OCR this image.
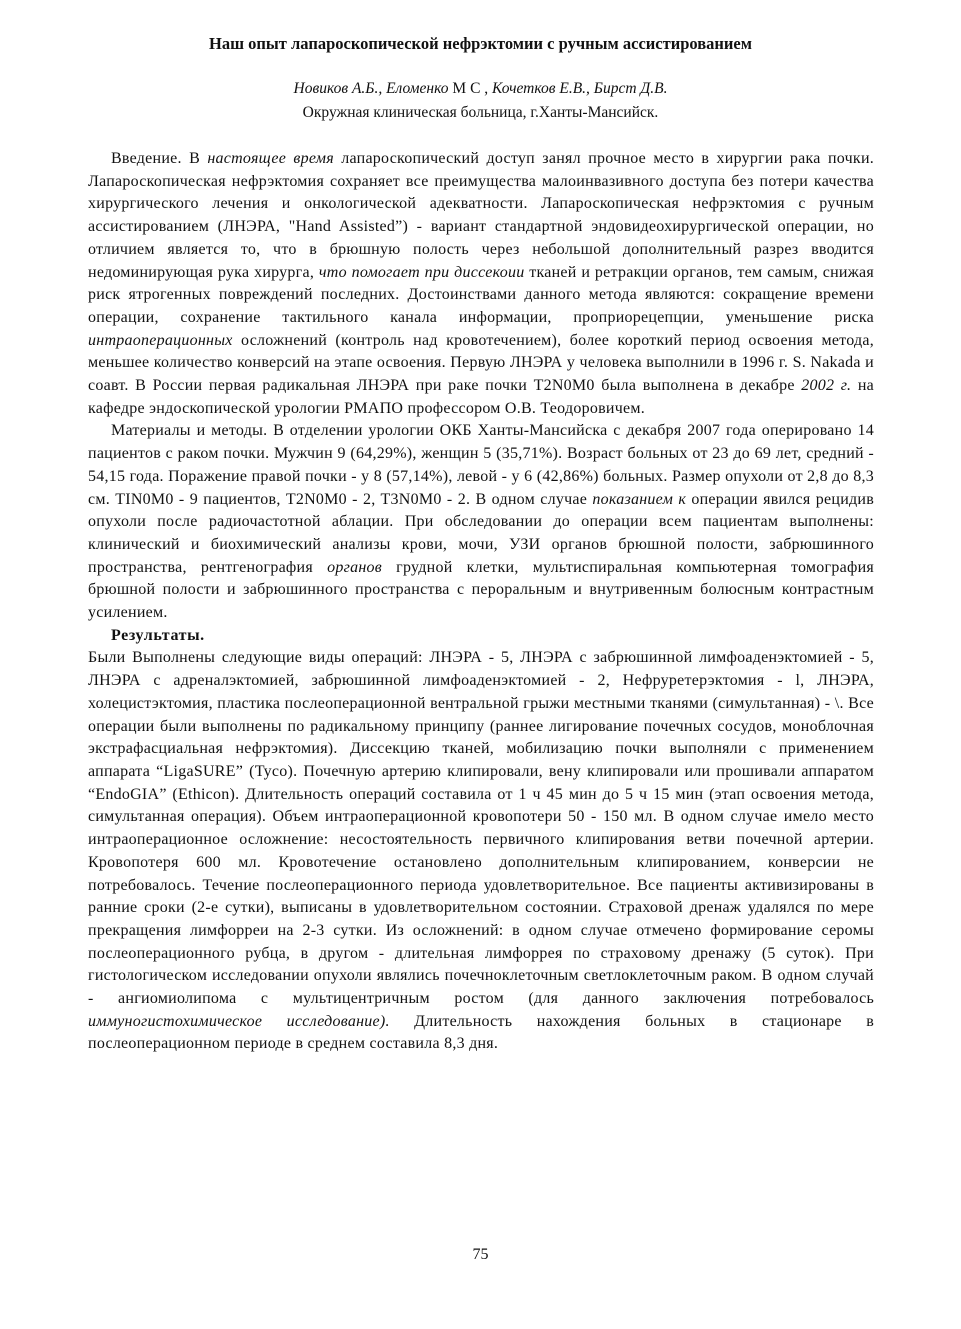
Наш опыт лапароскопической нефрэктомии с ручным ассистированием

Новиков А.Б., Еломенко М С , Кочетков Е.В., Бирст Д.В.

Окружная клиническая больница, г.Ханты-Мансийск.

Введение. В настоящее время лапароскопический доступ занял прочное место в хирургии рака почки. Лапароскопическая нефрэктомия сохраняет все преимущества малоинвазивного доступа без потери качества хирургического лечения и онкологической адекватности. Лапароскопическая нефрэктомия с ручным ассистированием (ЛНЭРА, "Hand Assisted”) - вариант стандартной эндовидеохирургической операции, но отличием является то, что в брюшную полость через небольшой дополнительный разрез вводится недоминирующая рука хирурга, что помогает при диссекоии тканей и ретракции органов, тем самым, снижая риск ятрогенных повреждений последних. Достоинствами данного метода являются: сокращение времени операции, сохранение тактильного канала информации, проприорецепции, уменьшение риска интраоперационных осложнений (контроль над кровотечением), более короткий период освоения метода, меньшее количество конверсий на этапе освоения. Первую ЛНЭРА у человека выполнили в 1996 г. S. Nakada и соавт. В России первая радикальная ЛНЭРА при раке почки T2N0M0 была выполнена в декабре 2002 г. на кафедре эндоскопической урологии РМАПО профессором О.В. Теодоровичем.

Материалы и методы. В отделении урологии ОКБ Ханты-Мансийска с декабря 2007 года оперировано 14 пациентов с раком почки. Мужчин 9 (64,29%), женщин 5 (35,71%). Возраст больных от 23 до 69 лет, средний - 54,15 года. Поражение правой почки - у 8 (57,14%), левой - у 6 (42,86%) больных. Размер опухоли от 2,8 до 8,3 см. TIN0M0 - 9 пациентов, T2N0M0 - 2, T3N0M0 - 2. В одном случае показанием к операции явился рецидив опухоли после радиочастотной аблации. При обследовании до операции всем пациентам выполнены: клинический и биохимический анализы крови, мочи, УЗИ органов брюшной полости, забрюшинного пространства, рентгенография органов грудной клетки, мультиспиральная компьютерная томография брюшной полости и забрюшинного пространства с пероральным и внутривенным болюсным контрастным усилением.

Результаты.

Были Выполнены следующие виды операций: ЛНЭРА - 5, ЛНЭРА с забрюшинной лимфоаденэктомией - 5, ЛНЭРА с адреналэктомией, забрюшинной лимфоаденэктомией - 2, Нефруретерэктомия - l, ЛНЭРА, холецистэктомия, пластика послеоперационной вентральной грыжи местными тканями (симультанная) - \. Все операции были выполнены по радикальному принципу (раннее лигирование почечных сосудов, моноблочная экстрафасциальная нефрэктомия). Диссекцию тканей, мобилизацию почки выполняли с применением аппарата “LigaSURE” (Tyco). Почечную артерию клипировали, вену клипировали или прошивали аппаратом “EndoGIA” (Ethicon). Длительность операций составила от 1 ч 45 мин до 5 ч 15 мин (этап освоения метода, симультанная операция). Объем интраоперационной кровопотери 50 - 150 мл. В одном случае имело место интраоперационное осложнение: несостоятельность первичного клипирования ветви почечной артерии. Кровопотеря 600 мл. Кровотечение остановлено дополнительным клипированием, конверсии не потребовалось. Течение послеоперационного периода удовлетворительное. Все пациенты активизированы в ранние сроки (2-е сутки), выписаны в удовлетворительном состоянии. Страховой дренаж удалялся по мере прекращения лимфорреи на 2-3 сутки. Из осложнений: в одном случае отмечено формирование серомы послеоперационного рубца, в другом - длительная лимфоррея по страховому дренажу (5 суток). При гистологическом исследовании опухоли являлись почечноклеточным светлоклеточным раком. В одном случай - ангиомиолипома с мультицентричным ростом (для данного заключения потребовалось иммуногистохимическое исследование). Длительность нахождения больных в стационаре в послеоперационном периоде в среднем составила 8,3 дня.

75
